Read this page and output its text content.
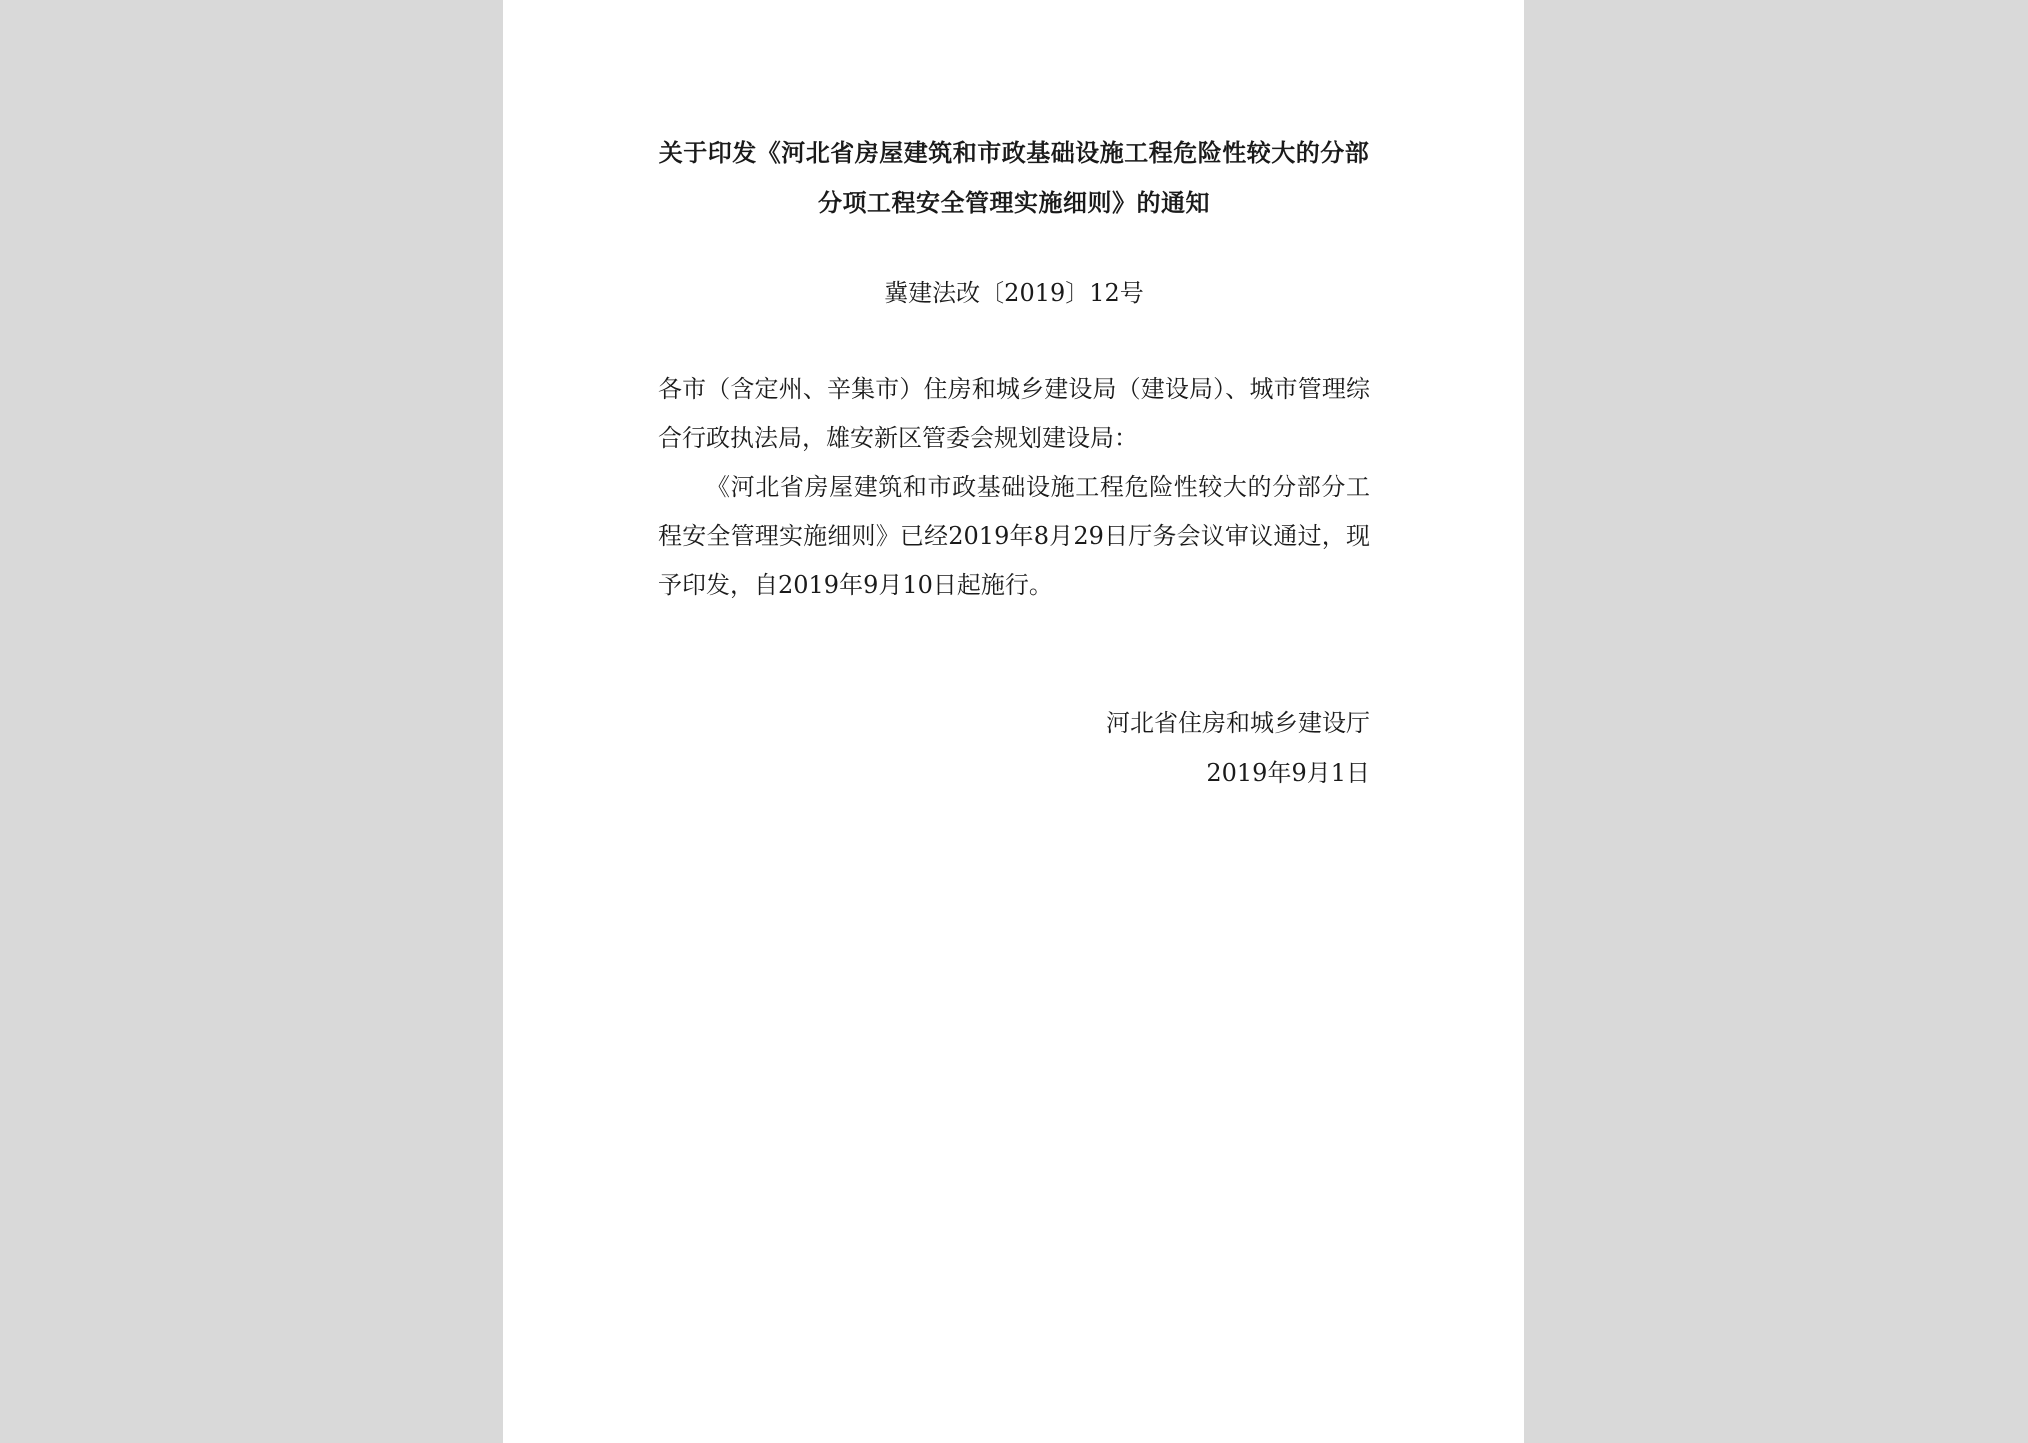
关于印发《河北省房屋建筑和市政基础设施工程危险性较大的分部分项工程安全管理实施细则》的通知
冀建法改〔2019〕12号
各市（含定州、辛集市）住房和城乡建设局（建设局）、城市管理综合行政执法局，雄安新区管委会规划建设局：
《河北省房屋建筑和市政基础设施工程危险性较大的分部分工程安全管理实施细则》已经2019年8月29日厅务会议审议通过，现予印发，自2019年9月10日起施行。
河北省住房和城乡建设厅
2019年9月1日
